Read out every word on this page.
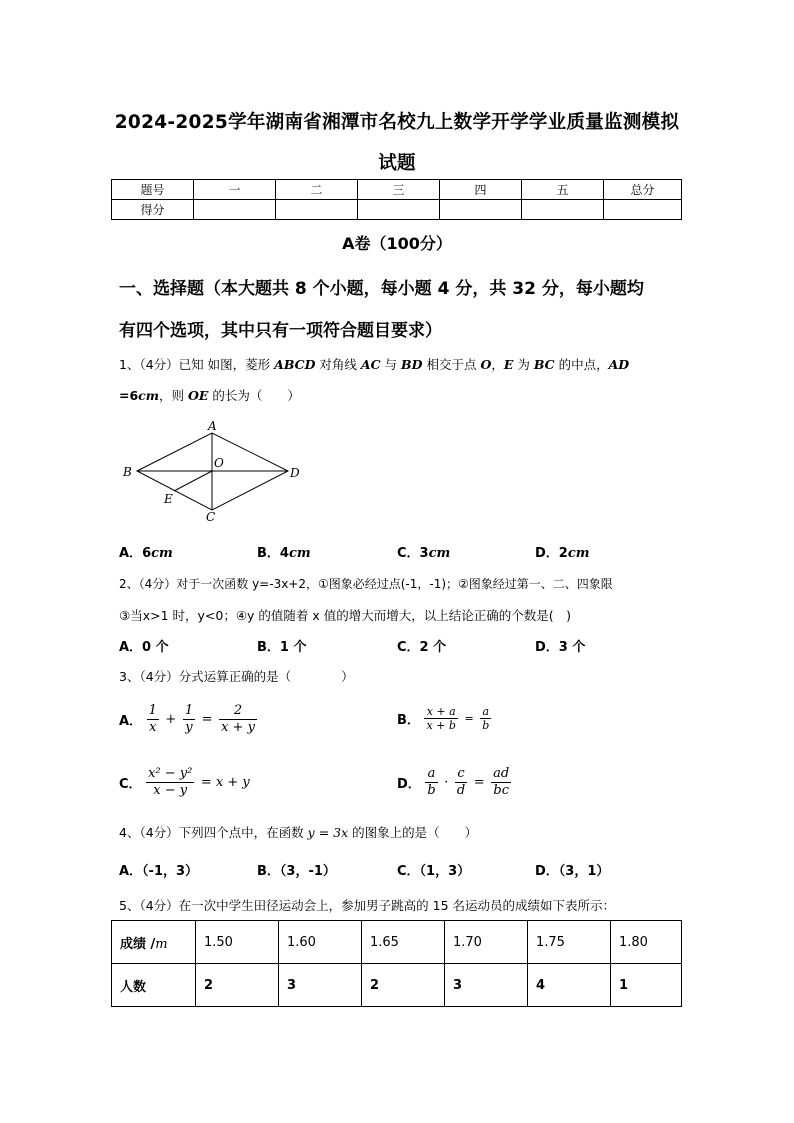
2024-2025学年湖南省湘潭市名校九上数学开学学业质量监测模拟
试题
题号	一	二	三	四	五	总分
得分						
A卷（100分）
一、选择题（本大题共 8 个小题，每小题 4 分，共 32 分，每小题均
有四个选项，其中只有一项符合题目要求）
1、（4分）已知 如图，菱形 ABCD 对角线 AC 与 BD 相交于点 O，E 为 BC 的中点，AD
=6cm，则 OE 的长为（　　）
A
B
C
D
O
E
A．6cm	B．4cm	C．3cm	D．2cm
2、（4分）对于一次函数 y=-3x+2，①图象必经过点(-1，-1)；②图象经过第一、二、四象限
③当x>1 时，y<0；④y 的值随着 x 值的增大而增大，以上结论正确的个数是(　)
A．0 个	B．1 个	C．2 个	D．3 个
3、（4分）分式运算正确的是（　　　　）
A． $\frac{1}{x} + \frac{1}{y} = \frac{2}{x + y}$	B． $\frac{x + a}{x + b} = \frac{a}{b}$
C． $\frac{\text{x² − y²}}{x - y} = x + y$	D． $\frac{a}{b} \cdot \frac{c}{d} = \frac{ad}{bc}$
4、（4分）下列四个点中，在函数 y = 3x 的图象上的是（　　）
A．（-1，3）	B．（3，-1）	C．（1，3）	D．（3，1）
5、（4分）在一次中学生田径运动会上，参加男子跳高的 15 名运动员的成绩如下表所示：
成绩 /m	1.50	1.60	1.65	1.70	1.75	1.80
人数	2	3	2	3	4	1
